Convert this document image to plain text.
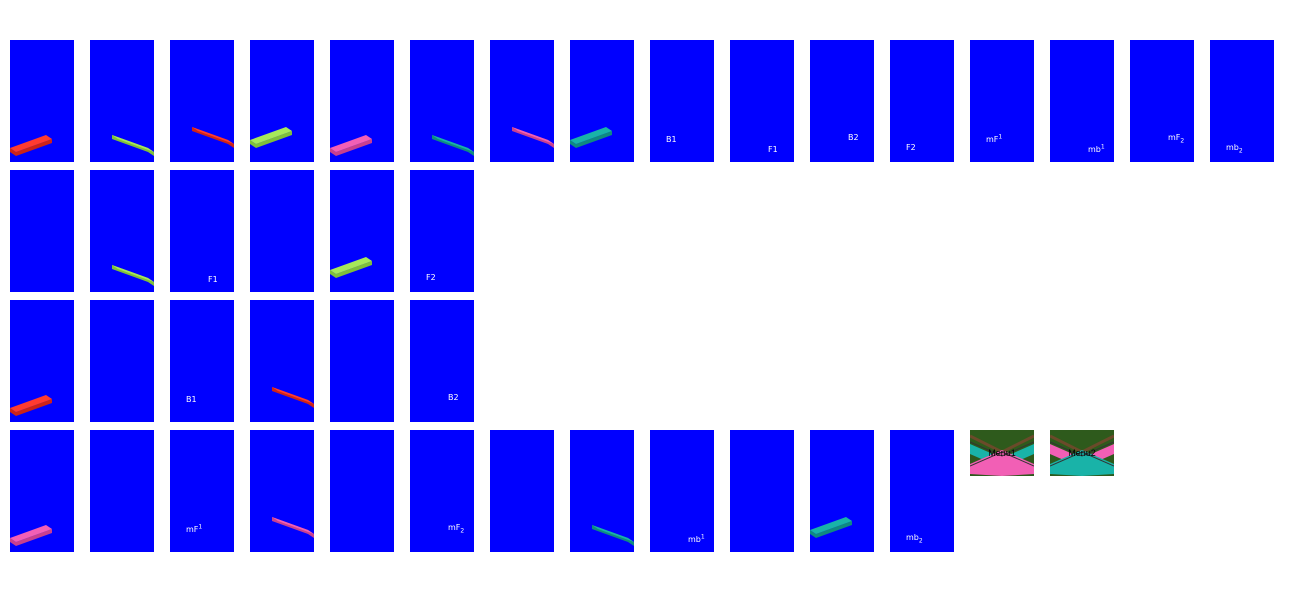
B1
F1
B2
F2
$mF^1$
$mb^1$
$mF_2$
$mb_2$
F1	F2
B1	B2
$mF^1$	$mF_2$
$mb^1$	$mb_2$
Menu1	Menu2
